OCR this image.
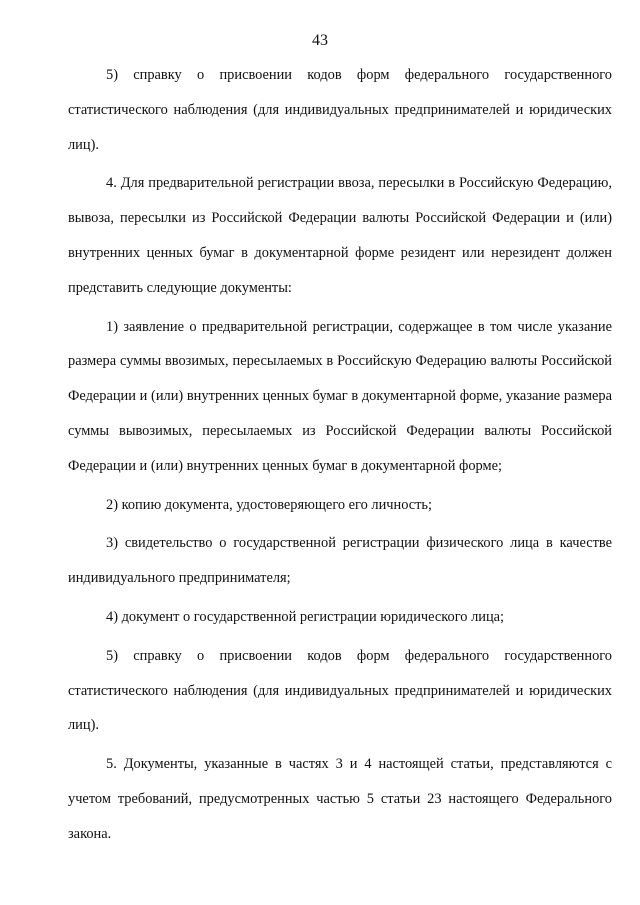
43

5) справку о присвоении кодов форм федерального государственного статистического наблюдения (для индивидуальных предпринимателей и юридических лиц).

4. Для предварительной регистрации ввоза, пересылки в Российскую Федерацию, вывоза, пересылки из Российской Федерации валюты Российской Федерации и (или) внутренних ценных бумаг в документарной форме резидент или нерезидент должен представить следующие документы:

1) заявление о предварительной регистрации, содержащее в том числе указание размера суммы ввозимых, пересылаемых в Российскую Федерацию валюты Российской Федерации и (или) внутренних ценных бумаг в документарной форме, указание размера суммы вывозимых, пересылаемых из Российской Федерации валюты Российской Федерации и (или) внутренних ценных бумаг в документарной форме;

2) копию документа, удостоверяющего его личность;

3) свидетельство о государственной регистрации физического лица в качестве индивидуального предпринимателя;

4) документ о государственной регистрации юридического лица;

5) справку о присвоении кодов форм федерального государственного статистического наблюдения (для индивидуальных предпринимателей и юридических лиц).

5. Документы, указанные в частях 3 и 4 настоящей статьи, представляются с учетом требований, предусмотренных частью 5 статьи 23 настоящего Федерального закона.
